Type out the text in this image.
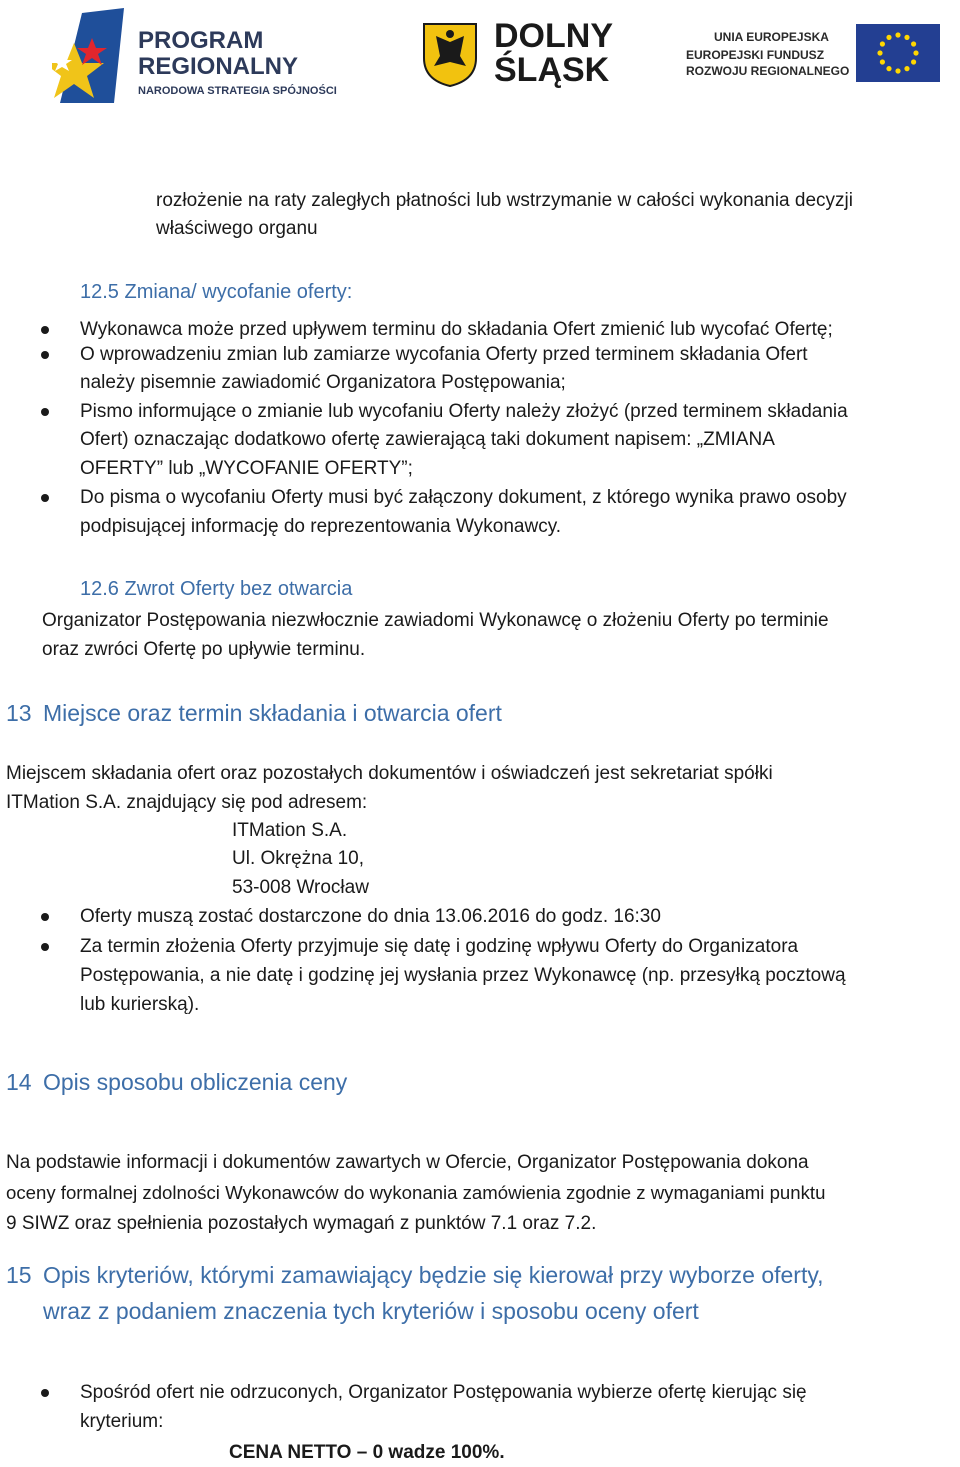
PROGRAM
REGIONALNY
NARODOWA STRATEGIA SPÓJNOŚCI
DOLNY
ŚLĄSK
UNIA EUROPEJSKA
EUROPEJSKI FUNDUSZ
ROZWOJU REGIONALNEGO
rozłożenie na raty zaległych płatności lub wstrzymanie w całości wykonania decyzji
właściwego organu
12.5 Zmiana/ wycofanie oferty:
Wykonawca może przed upływem terminu do składania Ofert zmienić lub wycofać Ofertę;
O wprowadzeniu zmian lub zamiarze wycofania Oferty przed terminem składania Ofert
należy pisemnie zawiadomić Organizatora Postępowania;
Pismo informujące o zmianie lub wycofaniu Oferty należy złożyć (przed terminem składania
Ofert) oznaczając dodatkowo ofertę zawierającą taki dokument napisem: „ZMIANA
OFERTY” lub „WYCOFANIE OFERTY”;
Do pisma o wycofaniu Oferty musi być załączony dokument, z którego wynika prawo osoby
podpisującej informację do reprezentowania Wykonawcy.
12.6 Zwrot Oferty bez otwarcia
Organizator Postępowania niezwłocznie zawiadomi Wykonawcę o złożeniu Oferty po terminie
oraz zwróci Ofertę po upływie terminu.
13 Miejsce oraz termin składania i otwarcia ofert
Miejscem składania ofert oraz pozostałych dokumentów i oświadczeń jest sekretariat spółki
ITMation S.A. znajdujący się pod adresem:
ITMation S.A.
Ul. Okrężna 10,
53-008 Wrocław
Oferty muszą zostać dostarczone do dnia 13.06.2016 do godz. 16:30
Za termin złożenia Oferty przyjmuje się datę i godzinę wpływu Oferty do Organizatora
Postępowania, a nie datę i godzinę jej wysłania przez Wykonawcę (np. przesyłką pocztową
lub kurierską).
14 Opis sposobu obliczenia ceny
Na podstawie informacji i dokumentów zawartych w Ofercie, Organizator Postępowania dokona
oceny formalnej zdolności Wykonawców do wykonania zamówienia zgodnie z wymaganiami punktu
9 SIWZ oraz spełnienia pozostałych wymagań z punktów 7.1 oraz 7.2.
15 Opis kryteriów, którymi zamawiający będzie się kierował przy wyborze oferty,
wraz z podaniem znaczenia tych kryteriów i sposobu oceny ofert
Spośród ofert nie odrzuconych, Organizator Postępowania wybierze ofertę kierując się
kryterium:
CENA NETTO – 0 wadze 100%.
